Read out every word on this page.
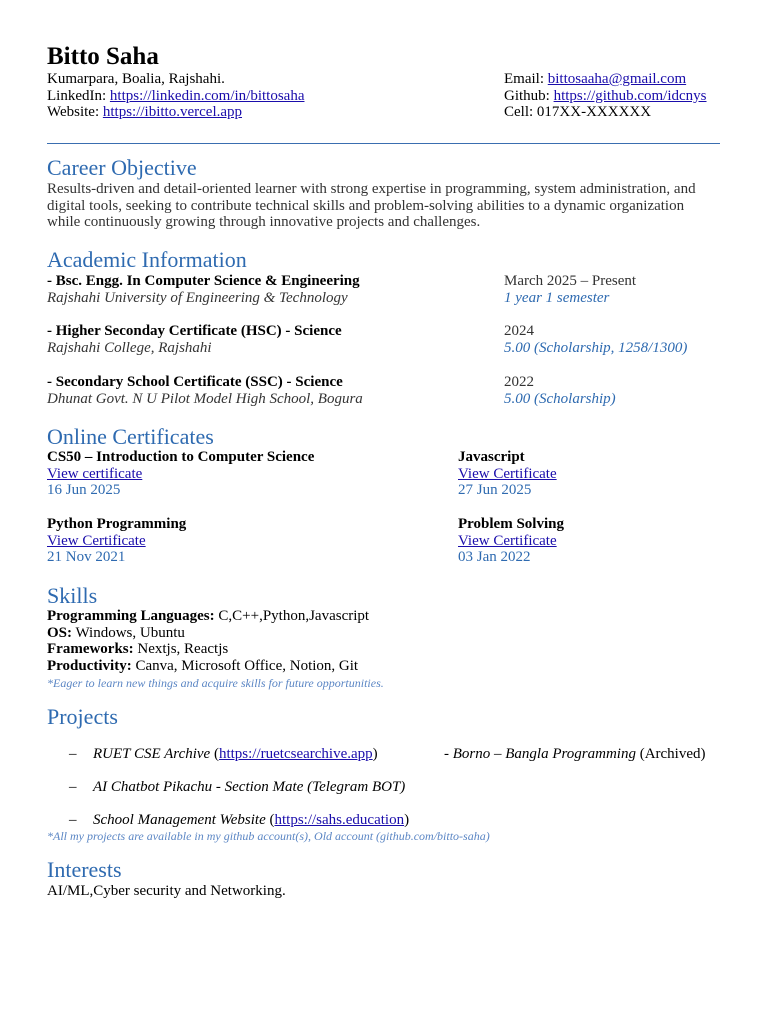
Bitto Saha
Kumarpara, Boalia, Rajshahi.
LinkedIn: https://linkedin.com/in/bittosaha
Website: https://ibitto.vercel.app
Email: bittosaaha@gmail.com
Github: https://github.com/idcnys
Cell: 017XX-XXXXXX
Career Objective
Results-driven and detail-oriented learner with strong expertise in programming, system administration, and digital tools, seeking to contribute technical skills and problem-solving abilities to a dynamic organization while continuously growing through innovative projects and challenges.
Academic Information
- Bsc. Engg. In Computer Science & Engineering
Rajshahi University of Engineering & Technology
March 2025 – Present
1 year 1 semester
- Higher Seconday Certificate (HSC) - Science
Rajshahi College, Rajshahi
2024
5.00 (Scholarship, 1258/1300)
- Secondary School Certificate (SSC) - Science
Dhunat Govt. N U Pilot Model High School, Bogura
2022
5.00 (Scholarship)
Online Certificates
CS50 – Introduction to Computer Science
View certificate
16 Jun 2025
Javascript
View Certificate
27 Jun 2025
Python Programming
View Certificate
21 Nov 2021
Problem Solving
View Certificate
03 Jan 2022
Skills
Programming Languages: C,C++,Python,Javascript
OS: Windows, Ubuntu
Frameworks: Nextjs, Reactjs
Productivity: Canva, Microsoft Office, Notion, Git
*Eager to learn new things and acquire skills for future opportunities.
Projects
– RUET CSE Archive (https://ruetcsearchive.app)	- Borno – Bangla Programming (Archived)
– AI Chatbot Pikachu - Section Mate (Telegram BOT)
– School Management Website (https://sahs.education)
*All my projects are available in my github account(s), Old account (github.com/bitto-saha)
Interests
AI/ML,Cyber security and Networking.
